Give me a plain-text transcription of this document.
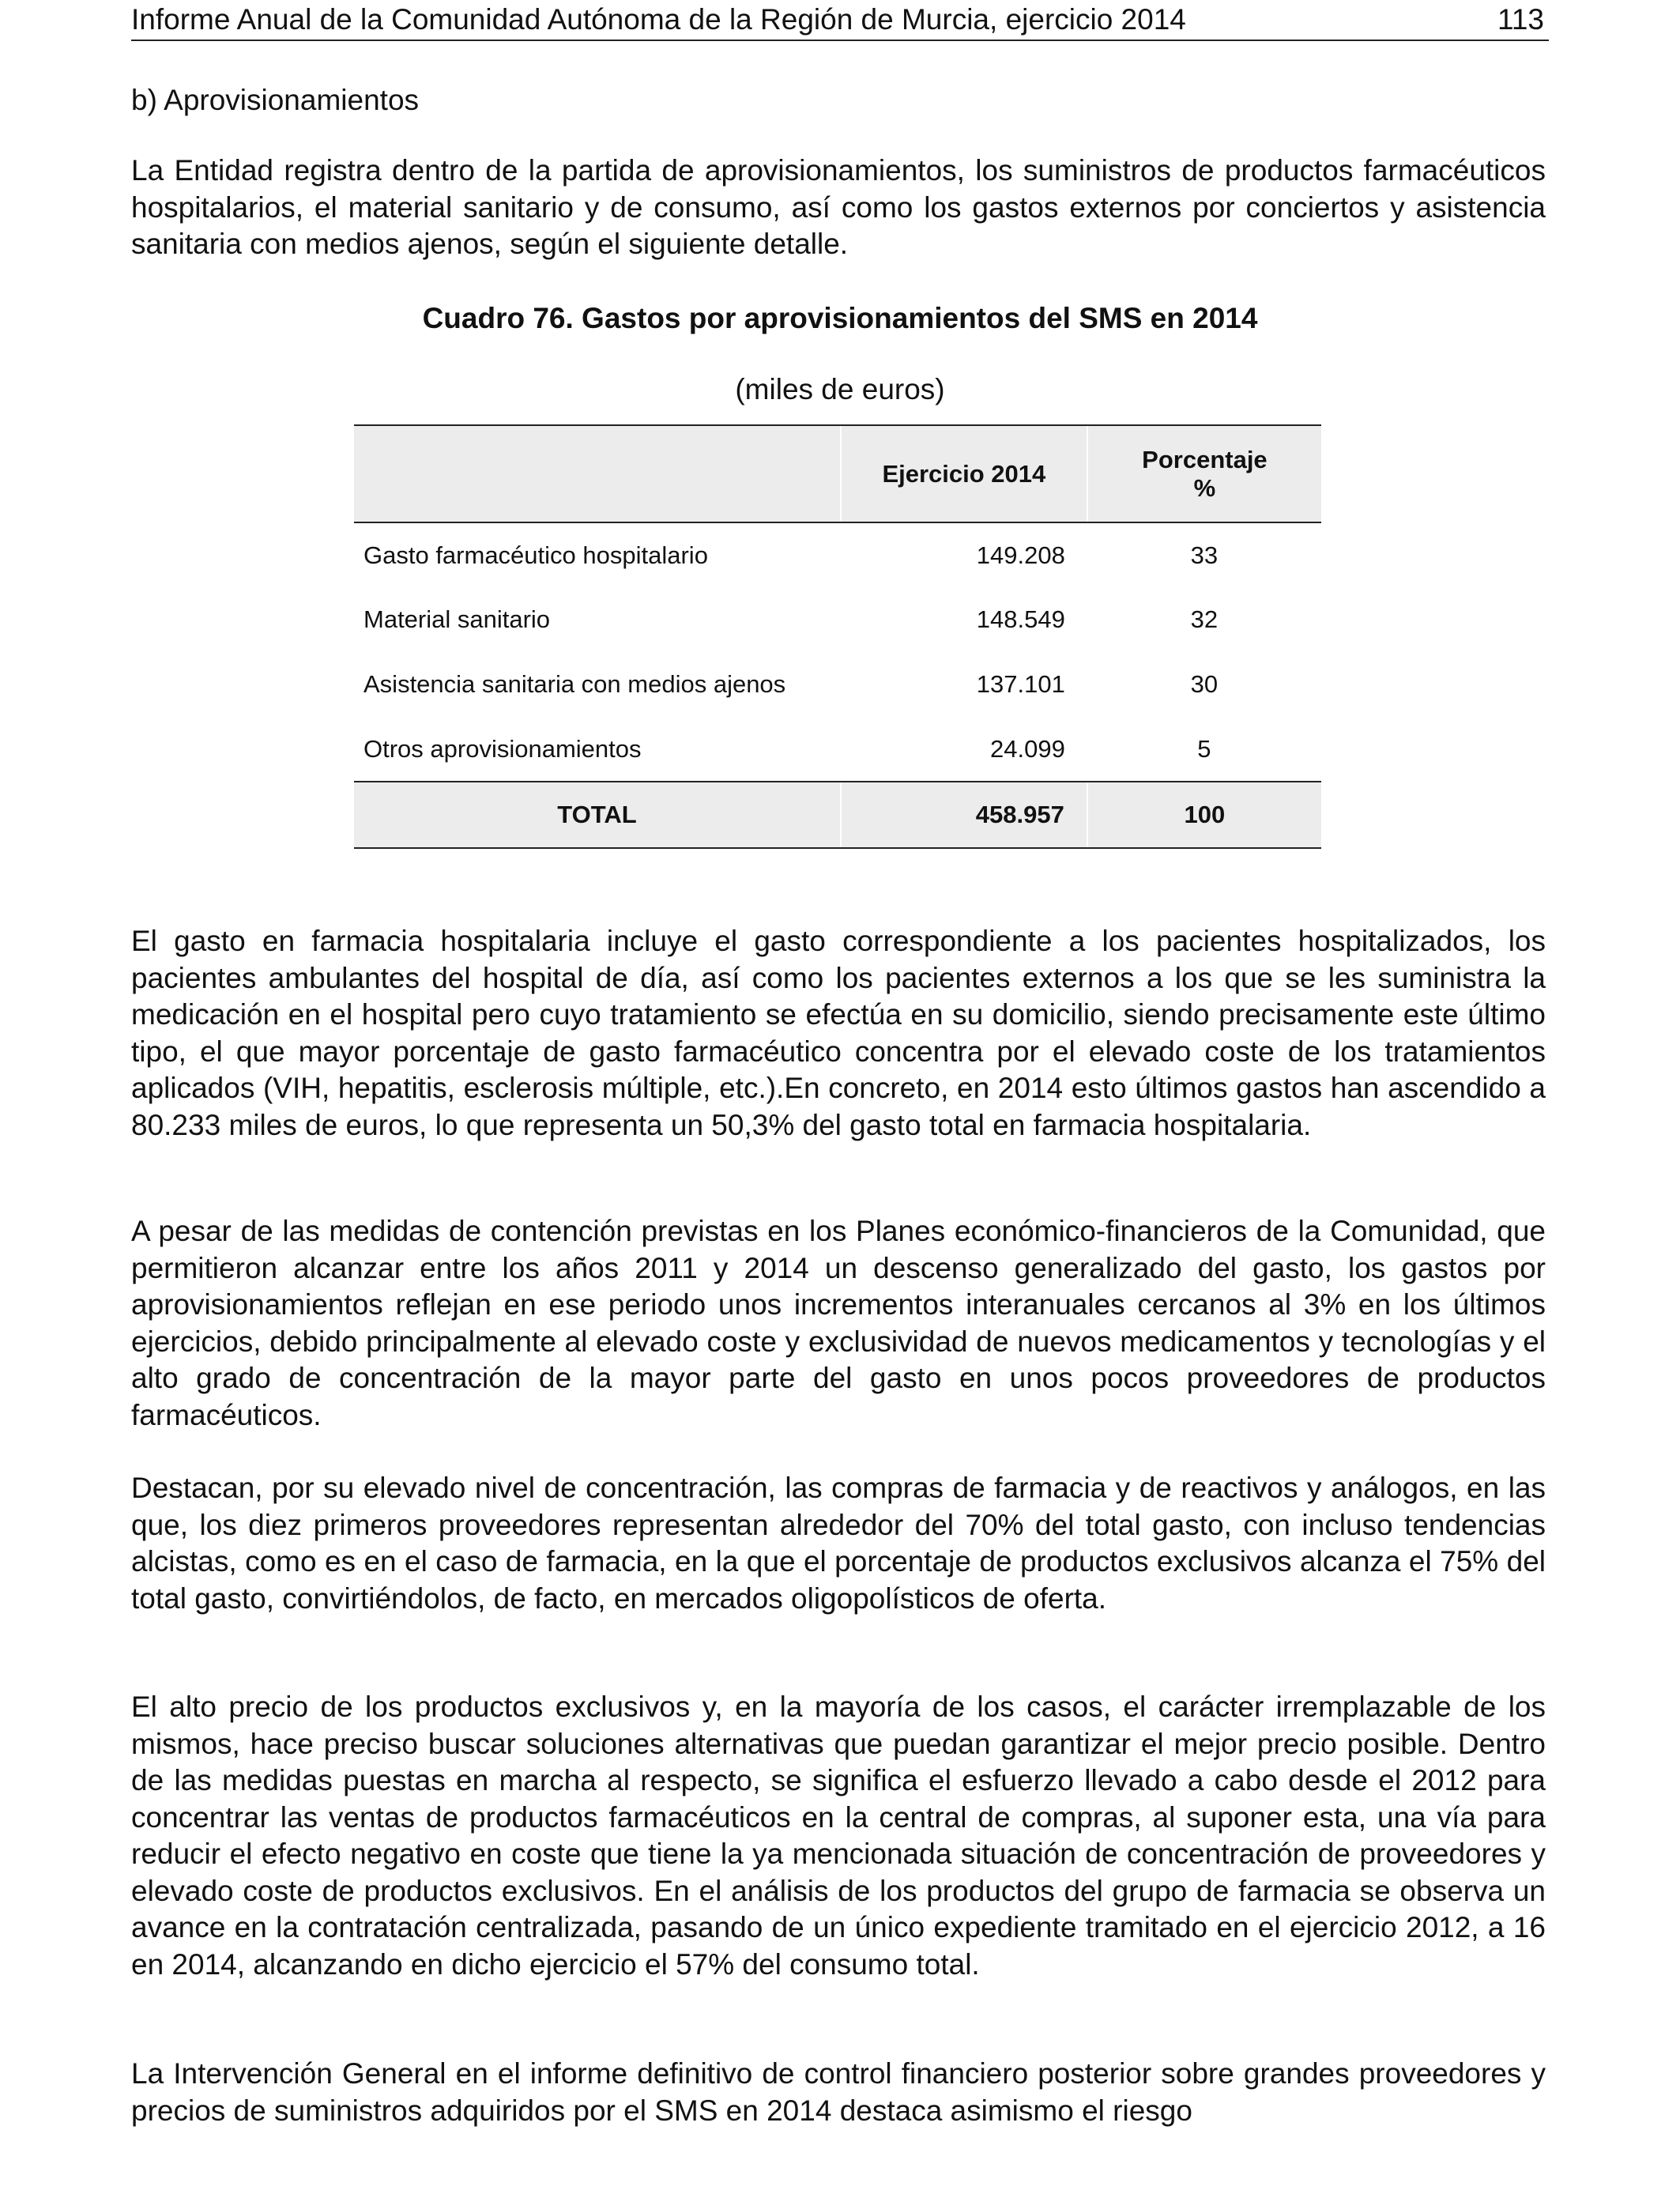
Informe Anual de la Comunidad Autónoma de la Región de Murcia, ejercicio 2014	113
b) Aprovisionamientos

La Entidad registra dentro de la partida de aprovisionamientos, los suministros de productos farmacéuticos hospitalarios, el material sanitario y de consumo, así como los gastos externos por conciertos y asistencia sanitaria con medios ajenos, según el siguiente detalle.

Cuadro 76. Gastos por aprovisionamientos del SMS en 2014
(miles de euros)
	Ejercicio 2014	Porcentaje
%
Gasto farmacéutico hospitalario	149.208	33
Material sanitario	148.549	32
Asistencia sanitaria con medios ajenos	137.101	30
Otros aprovisionamientos	24.099	5
TOTAL	458.957	100

El gasto en farmacia hospitalaria incluye el gasto correspondiente a los pacientes hospitalizados, los pacientes ambulantes del hospital de día, así como los pacientes externos a los que se les suministra la medicación en el hospital pero cuyo tratamiento se efectúa en su domicilio, siendo precisamente este último tipo, el que mayor porcentaje de gasto farmacéutico concentra por el elevado coste de los tratamientos aplicados (VIH, hepatitis, esclerosis múltiple, etc.).En concreto, en 2014 esto últimos gastos han ascendido a 80.233 miles de euros, lo que representa un 50,3% del gasto total en farmacia hospitalaria.

A pesar de las medidas de contención previstas en los Planes económico-financieros de la Comunidad, que permitieron alcanzar entre los años 2011 y 2014 un descenso generalizado del gasto, los gastos por aprovisionamientos reflejan en ese periodo unos incrementos interanuales cercanos al 3% en los últimos ejercicios, debido principalmente al elevado coste y exclusividad de nuevos medicamentos y tecnologías y el alto grado de concentración de la mayor parte del gasto en unos pocos proveedores de productos farmacéuticos.

Destacan, por su elevado nivel de concentración, las compras de farmacia y de reactivos y análogos, en las que, los diez primeros proveedores representan alrededor del 70% del total gasto, con incluso tendencias alcistas, como es en el caso de farmacia, en la que el porcentaje de productos exclusivos alcanza el 75% del total gasto, convirtiéndolos, de facto, en mercados oligopolísticos de oferta.

El alto precio de los productos exclusivos y, en la mayoría de los casos, el carácter irremplazable de los mismos, hace preciso buscar soluciones alternativas que puedan garantizar el mejor precio posible. Dentro de las medidas puestas en marcha al respecto, se significa el esfuerzo llevado a cabo desde el 2012 para concentrar las ventas de productos farmacéuticos en la central de compras, al suponer esta, una vía para reducir el efecto negativo en coste que tiene la ya mencionada situación de concentración de proveedores y elevado coste de productos exclusivos. En el análisis de los productos del grupo de farmacia se observa un avance en la contratación centralizada, pasando de un único expediente tramitado en el ejercicio 2012, a 16 en 2014, alcanzando en dicho ejercicio el 57% del consumo total.

La Intervención General en el informe definitivo de control financiero posterior sobre grandes proveedores y precios de suministros adquiridos por el SMS en 2014 destaca asimismo el riesgo
